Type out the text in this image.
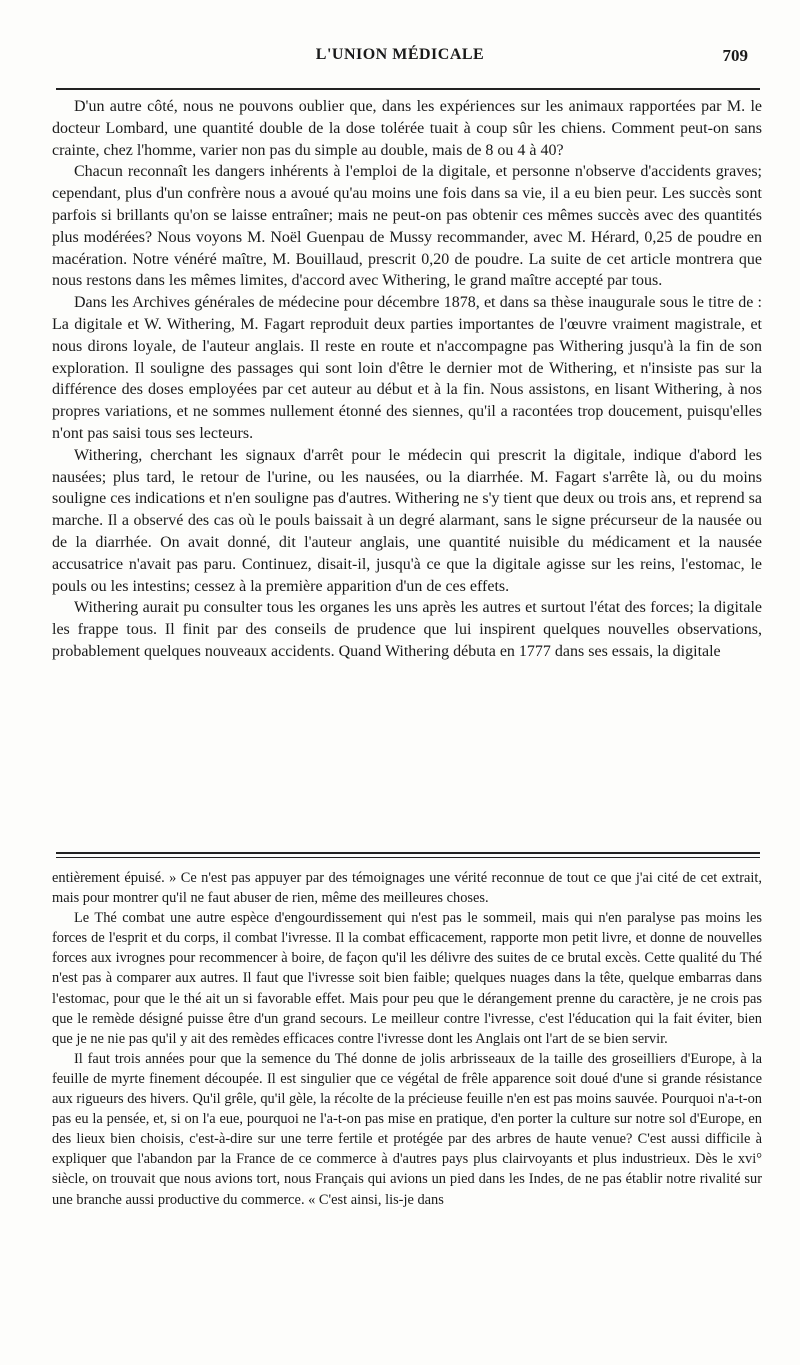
L'UNION MÉDICALE	709

D'un autre côté, nous ne pouvons oublier que, dans les expériences sur les animaux rapportées par M. le docteur Lombard, une quantité double de la dose tolérée tuait à coup sûr les chiens. Comment peut-on sans crainte, chez l'homme, varier non pas du simple au double, mais de 8 ou 4 à 40?

Chacun reconnaît les dangers inhérents à l'emploi de la digitale, et personne n'observe d'accidents graves; cependant, plus d'un confrère nous a avoué qu'au moins une fois dans sa vie, il a eu bien peur. Les succès sont parfois si brillants qu'on se laisse entraîner; mais ne peut-on pas obtenir ces mêmes succès avec des quantités plus modérées? Nous voyons M. Noël Guenpau de Mussy recommander, avec M. Hérard, 0,25 de poudre en macération. Notre vénéré maître, M. Bouillaud, prescrit 0,20 de poudre. La suite de cet article montrera que nous restons dans les mêmes limites, d'accord avec Withering, le grand maître accepté par tous.

Dans les Archives générales de médecine pour décembre 1878, et dans sa thèse inaugurale sous le titre de : La digitale et W. Withering, M. Fagart reproduit deux parties importantes de l'œuvre vraiment magistrale, et nous dirons loyale, de l'auteur anglais. Il reste en route et n'accompagne pas Withering jusqu'à la fin de son exploration. Il souligne des passages qui sont loin d'être le dernier mot de Withering, et n'insiste pas sur la différence des doses employées par cet auteur au début et à la fin. Nous assistons, en lisant Withering, à nos propres variations, et ne sommes nullement étonné des siennes, qu'il a racontées trop doucement, puisqu'elles n'ont pas saisi tous ses lecteurs.

Withering, cherchant les signaux d'arrêt pour le médecin qui prescrit la digitale, indique d'abord les nausées; plus tard, le retour de l'urine, ou les nausées, ou la diarrhée. M. Fagart s'arrête là, ou du moins souligne ces indications et n'en souligne pas d'autres. Withering ne s'y tient que deux ou trois ans, et reprend sa marche. Il a observé des cas où le pouls baissait à un degré alarmant, sans le signe précurseur de la nausée ou de la diarrhée. On avait donné, dit l'auteur anglais, une quantité nuisible du médicament et la nausée accusatrice n'avait pas paru. Continuez, disait-il, jusqu'à ce que la digitale agisse sur les reins, l'estomac, le pouls ou les intestins; cessez à la première apparition d'un de ces effets.

Withering aurait pu consulter tous les organes les uns après les autres et surtout l'état des forces; la digitale les frappe tous. Il finit par des conseils de prudence que lui inspirent quelques nouvelles observations, probablement quelques nouveaux accidents. Quand Withering débuta en 1777 dans ses essais, la digitale

entièrement épuisé. » Ce n'est pas appuyer par des témoignages une vérité reconnue de tout ce que j'ai cité de cet extrait, mais pour montrer qu'il ne faut abuser de rien, même des meilleures choses.

Le Thé combat une autre espèce d'engourdissement qui n'est pas le sommeil, mais qui n'en paralyse pas moins les forces de l'esprit et du corps, il combat l'ivresse. Il la combat efficacement, rapporte mon petit livre, et donne de nouvelles forces aux ivrognes pour recommencer à boire, de façon qu'il les délivre des suites de ce brutal excès. Cette qualité du Thé n'est pas à comparer aux autres. Il faut que l'ivresse soit bien faible; quelques nuages dans la tête, quelque embarras dans l'estomac, pour que le thé ait un si favorable effet. Mais pour peu que le dérangement prenne du caractère, je ne crois pas que le remède désigné puisse être d'un grand secours. Le meilleur contre l'ivresse, c'est l'éducation qui la fait éviter, bien que je ne nie pas qu'il y ait des remèdes efficaces contre l'ivresse dont les Anglais ont l'art de se bien servir.

Il faut trois années pour que la semence du Thé donne de jolis arbrisseaux de la taille des groseilliers d'Europe, à la feuille de myrte finement découpée. Il est singulier que ce végétal de frêle apparence soit doué d'une si grande résistance aux rigueurs des hivers. Qu'il grêle, qu'il gèle, la récolte de la précieuse feuille n'en est pas moins sauvée. Pourquoi n'a-t-on pas eu la pensée, et, si on l'a eue, pourquoi ne l'a-t-on pas mise en pratique, d'en porter la culture sur notre sol d'Europe, en des lieux bien choisis, c'est-à-dire sur une terre fertile et protégée par des arbres de haute venue? C'est aussi difficile à expliquer que l'abandon par la France de ce commerce à d'autres pays plus clairvoyants et plus industrieux. Dès le xvi° siècle, on trouvait que nous avions tort, nous Français qui avions un pied dans les Indes, de ne pas établir notre rivalité sur une branche aussi productive du commerce. « C'est ainsi, lis-je dans
